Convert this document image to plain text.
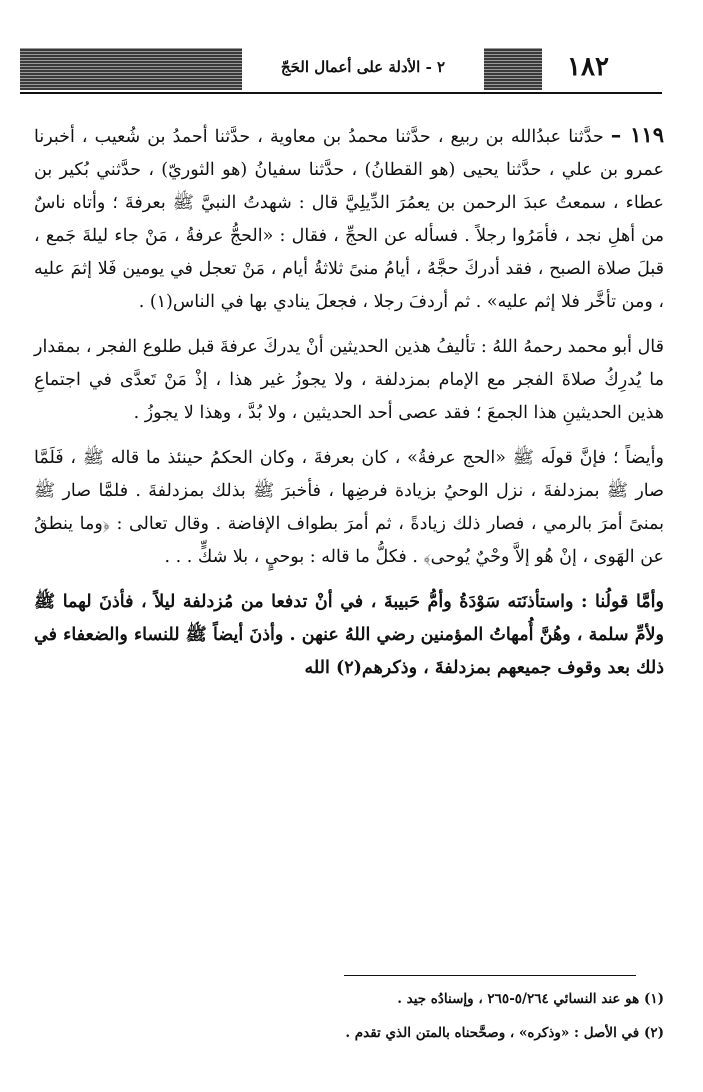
٢ - الأدلة على أعمال الحَجّ	١٨٢

١١٩ – حدَّثنا عبدُالله بن ربيع ، حدَّثنا محمدُ بن معاوية ، حدَّثنا أحمدُ بن شُعيب ، أخبرنا عمرو بن علي ، حدَّثنا يحيى (هو القطانُ) ، حدَّثنا سفيانُ (هو الثوريّ) ، حدَّثني بُكير بن عطاء ، سمعتُ عبدَ الرحمن بن يعمُرَ الدِّيلِيَّ قال : شهدتُ النبيَّ ﷺ بعرفةَ ؛ وأتاه ناسٌ من أهلِ نجد ، فأمَرُوا رجلاً . فسأله عن الحجِّ ، فقال : «الحجُّ عرفةُ ، مَنْ جاء ليلةَ جَمع ، قبلَ صلاة الصبح ، فقد أدركَ حجَّهُ ، أيامُ منىً ثلاثةُ أيام ، مَنْ تعجل في يومين فَلا إثمَ عليه ، ومن تأخَّر فلا إثم عليه» . ثم أردفَ رجلا ، فجعلَ ينادي بها في الناس(١) .

قال أبو محمد رحمهُ اللهُ : تأليفُ هذين الحديثين أنْ يدركَ عرفةَ قبل طلوع الفجر ، بمقدار ما يُدرِكُ صلاةَ الفجر مع الإمام بمزدلفة ، ولا يجوزُ غير هذا ، إذْ مَنْ تَعدَّى في اجتماعِ هذين الحديثينِ هذا الجمعَ ؛ فقد عصى أحد الحديثين ، ولا بُدَّ ، وهذا لا يجوزُ .

وأيضاً ؛ فإنَّ قولَه ﷺ «الحج عرفةُ» ، كان بعرفةَ ، وكان الحكمُ حينئذ ما قاله ﷺ ، فَلَمَّا صار ﷺ بمزدلفةَ ، نزل الوحيُ بزيادة فرضِها ، فأخبرَ ﷺ بذلك بمزدلفةَ . فلمَّا صار ﷺ بمنىً أمرَ بالرمي ، فصار ذلك زيادةً ، ثم أمرَ بطواف الإفاضة . وقال تعالى : ﴿وما ينطقُ عن الهَوى ، إنْ هُو إلاَّ وحْيٌ يُوحى﴾ . فكلُّ ما قاله : بوحيٍ ، بلا شكٍّ . . .

وأمَّا قولُنا : واستأذنَته سَوْدَةُ وأمُّ حَبيبةَ ، في أنْ تدفعا من مُزدلفة ليلاً ، فأذنَ لهما ﷺ ولأمِّ سلمة ، وهُنَّ أُمهاتُ المؤمنين رضي اللهُ عنهن . وأذنَ أيضاً ﷺ للنساء والضعفاء في ذلك بعد وقوف جميعهم بمزدلفةَ ، وذكرهم(٢) الله

(١) هو عند النسائي ٥/٢٦٤-٢٦٥ ، وإسنادُه جيد .
(٢) في الأصل : «وذكره» ، وصحَّحناه بالمتن الذي تقدم .
